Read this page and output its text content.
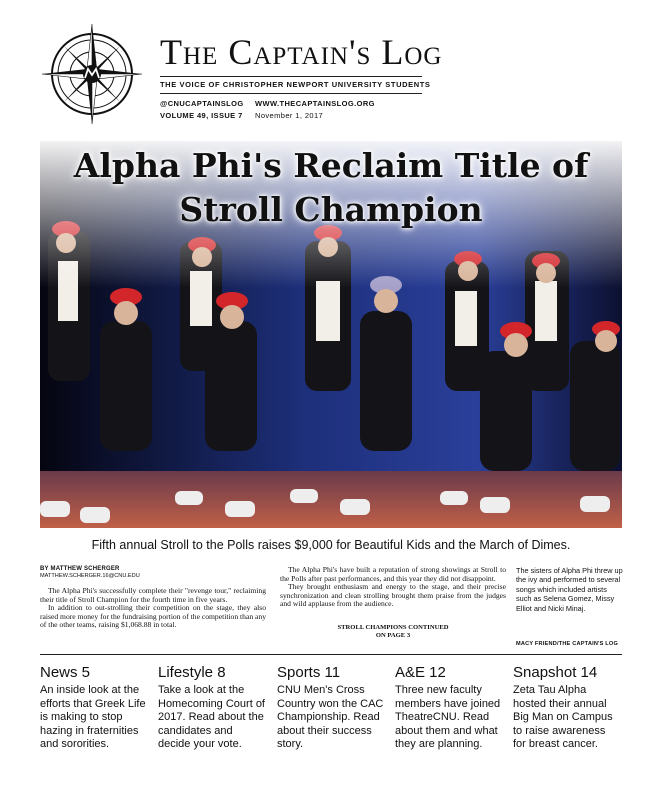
The Captain's Log
THE VOICE OF CHRISTOPHER NEWPORT UNIVERSITY STUDENTS
@CNUCAPTAINSLOG WWW.THECAPTAINSLOG.ORG
VOLUME 49, ISSUE 7 November 1, 2017
Alpha Phi's Reclaim Title of
Stroll Champion
Fifth annual Stroll to the Polls raises $9,000 for Beautiful Kids and the March of Dimes.
BY MATTHEW SCHERGER
MATTHEW.SCHERGER.16@CNU.EDU

The Alpha Phi's successfully complete their "revenge tour," reclaiming their title of Stroll Champion for the fourth time in five years.

In addition to out-strolling their competition on the stage, they also raised more money for the fundraising portion of the competition than any of the other teams, raising $1,068.88 in total.

The Alpha Phi's have built a reputation of strong showings at Stroll to the Polls after past performances, and this year they did not disappoint.

They brought enthusiasm and energy to the stage, and their precise synchronization and clean strolling brought them praise from the judges and wild applause from the audience.

STROLL CHAMPIONS CONTINUED
ON PAGE 3
The sisters of Alpha Phi threw up the ivy and performed to several songs which included artists such as Selena Gomez, Missy Elliot and Nicki Minaj.
MACY FRIEND/THE CAPTAIN'S LOG
News 5
An inside look at the efforts that Greek Life is making to stop hazing in fraternities and sororities.
Lifestyle 8
Take a look at the Homecoming Court of 2017. Read about the candidates and decide your vote.
Sports 11
CNU Men's Cross Country won the CAC Championship. Read about their success story.
A&E 12
Three new faculty members have joined TheatreCNU. Read about them and what they are planning.
Snapshot 14
Zeta Tau Alpha hosted their annual Big Man on Campus to raise awareness for breast cancer.
